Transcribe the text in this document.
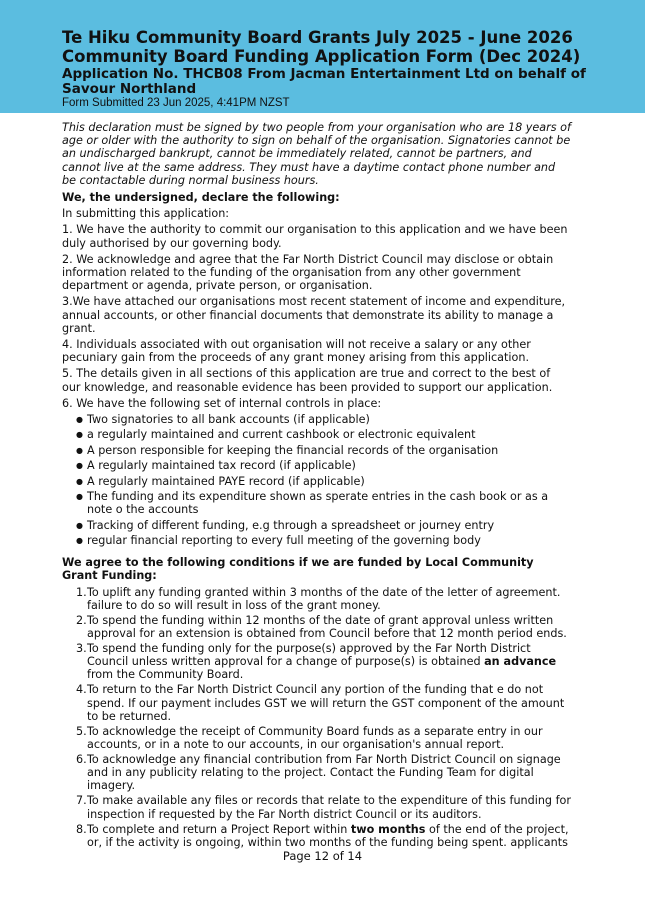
Te Hiku Community Board Grants July 2025 - June 2026
Community Board Funding Application Form (Dec 2024)
Application No. THCB08 From Jacman Entertainment Ltd on behalf of Savour Northland
Form Submitted 23 Jun 2025, 4:41PM NZST

This declaration must be signed by two people from your organisation who are 18 years of age or older with the authority to sign on behalf of the organisation. Signatories cannot be an undischarged bankrupt, cannot be immediately related, cannot be partners, and cannot live at the same address. They must have a daytime contact phone number and be contactable during normal business hours.

We, the undersigned, declare the following:

In submitting this application:

1. We have the authority to commit our organisation to this application and we have been duly authorised by our governing body.

2. We acknowledge and agree that the Far North District Council may disclose or obtain information related to the funding of the organisation from any other government department or agenda, private person, or organisation.

3.We have attached our organisations most recent statement of income and expenditure, annual accounts, or other financial documents that demonstrate its ability to manage a grant.

4. Individuals associated with out organisation will not receive a salary or any other pecuniary gain from the proceeds of any grant money arising from this application.

5. The details given in all sections of this application are true and correct to the best of our knowledge, and reasonable evidence has been provided to support our application.

6. We have the following set of internal controls in place:

● Two signatories to all bank accounts (if applicable)
● a regularly maintained and current cashbook or electronic equivalent
● A person responsible for keeping the financial records of the organisation
● A regularly maintained tax record (if applicable)
● A regularly maintained PAYE record (if applicable)
● The funding and its expenditure shown as sperate entries in the cash book or as a note o the accounts
● Tracking of different funding, e.g through a spreadsheet or journey entry
● regular financial reporting to every full meeting of the governing body

We agree to the following conditions if we are funded by Local Community Grant Funding:

1. To uplift any funding granted within 3 months of the date of the letter of agreement. failure to do so will result in loss of the grant money.
2. To spend the funding within 12 months of the date of grant approval unless written approval for an extension is obtained from Council before that 12 month period ends.
3. To spend the funding only for the purpose(s) approved by the Far North District Council unless written approval for a change of purpose(s) is obtained an advance from the Community Board.
4. To return to the Far North District Council any portion of the funding that e do not spend. If our payment includes GST we will return the GST component of the amount to be returned.
5. To acknowledge the receipt of Community Board funds as a separate entry in our accounts, or in a note to our accounts, in our organisation's annual report.
6. To acknowledge any financial contribution from Far North District Council on signage and in any publicity relating to the project. Contact the Funding Team for digital imagery.
7. To make available any files or records that relate to the expenditure of this funding for inspection if requested by the Far North district Council or its auditors.
8. To complete and return a Project Report within two months of the end of the project, or, if the activity is ongoing, within two months of the funding being spent. applicants
Page 12 of 14
